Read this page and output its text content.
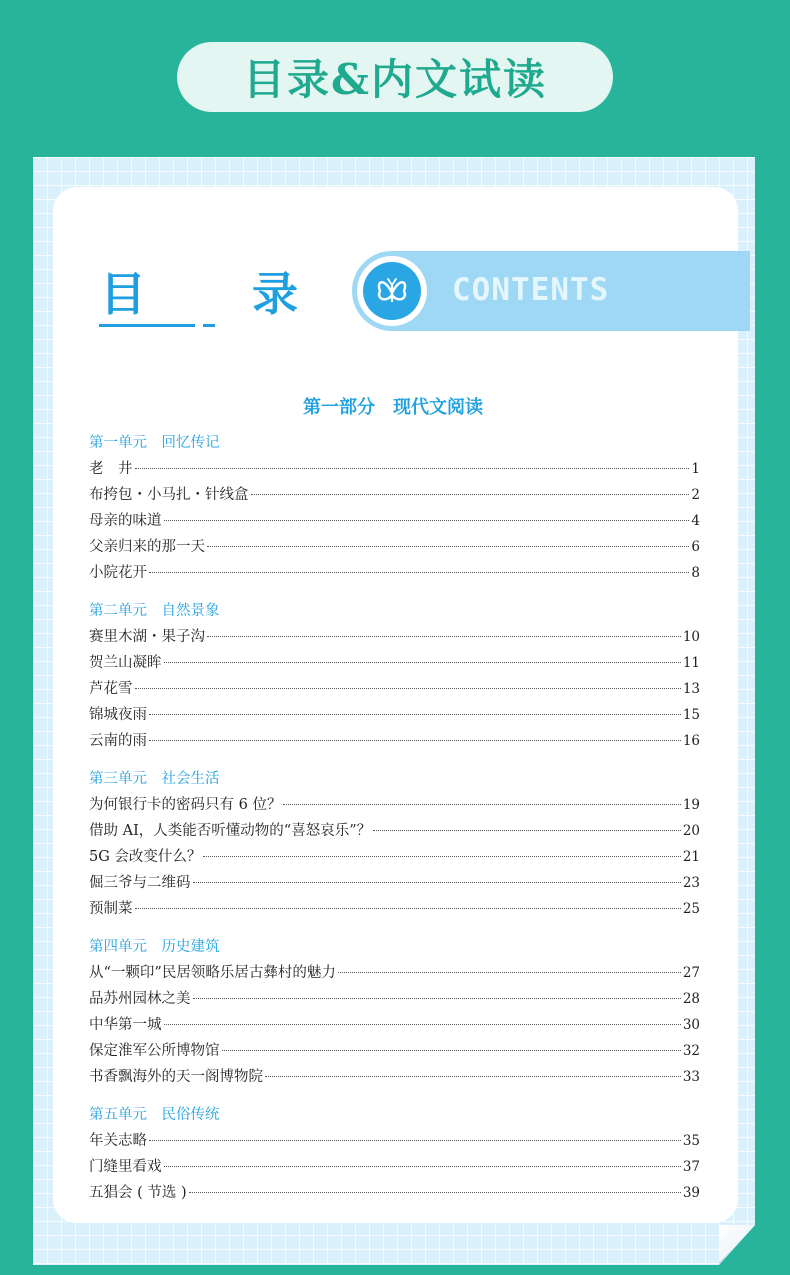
目录&内文试读
目　录	CONTENTS
第一部分　现代文阅读
第一单元　回忆传记
老　井	1
布挎包・小马扎・针线盒	2
母亲的味道	4
父亲归来的那一天	6
小院花开	8
第二单元　自然景象
赛里木湖・果子沟	10
贺兰山凝眸	11
芦花雪	13
锦城夜雨	15
云南的雨	16
第三单元　社会生活
为何银行卡的密码只有 6 位？	19
借助 AI，人类能否听懂动物的“喜怒哀乐”？	20
5G 会改变什么？	21
倔三爷与二维码	23
预制菜	25
第四单元　历史建筑
从“一颗印”民居领略乐居古彝村的魅力	27
品苏州园林之美	28
中华第一城	30
保定淮军公所博物馆	32
书香飘海外的天一阁博物院	33
第五单元　民俗传统
年关志略	35
门缝里看戏	37
五猖会 ( 节选 )	39
